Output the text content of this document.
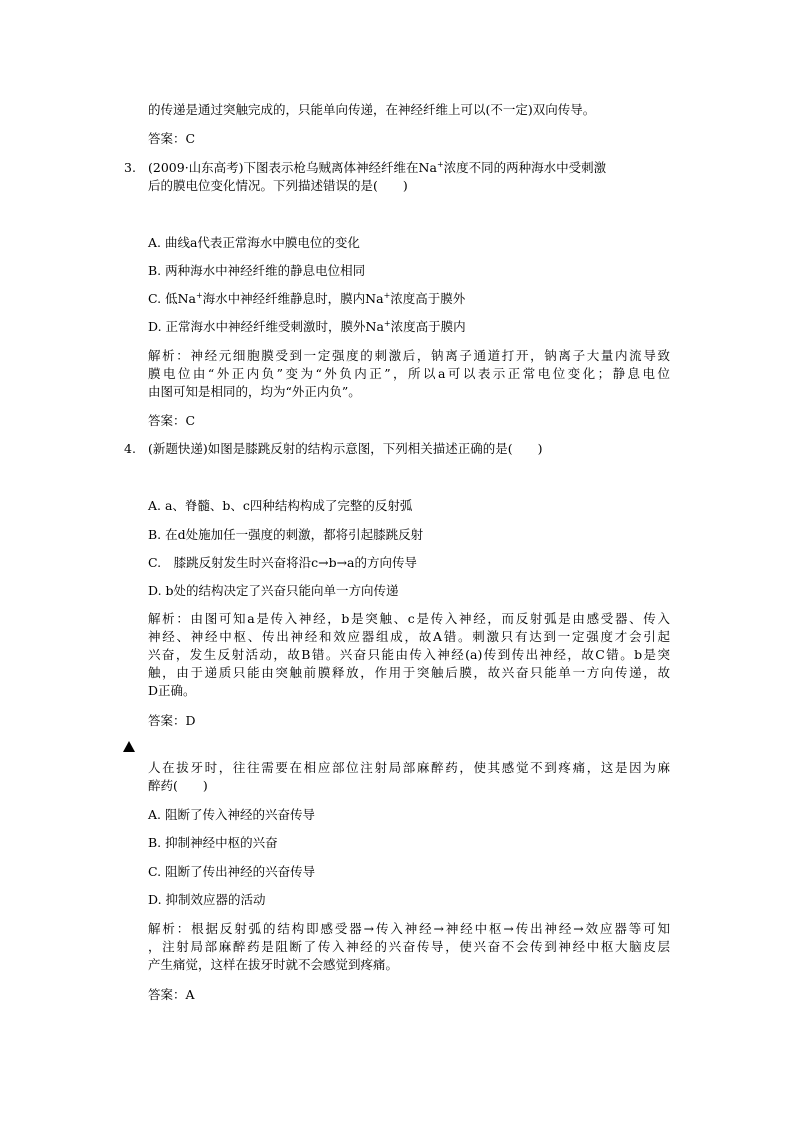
的传递是通过突触完成的，只能单向传递，在神经纤维上可以(不一定)双向传导。
答案：C
3. (2009·山东高考)下图表示枪乌贼离体神经纤维在Na+浓度不同的两种海水中受刺激
后的膜电位变化情况。下列描述错误的是(　　)
A. 曲线a代表正常海水中膜电位的变化
B. 两种海水中神经纤维的静息电位相同
C. 低Na+海水中神经纤维静息时，膜内Na+浓度高于膜外
D. 正常海水中神经纤维受刺激时，膜外Na+浓度高于膜内
解析：神经元细胞膜受到一定强度的刺激后，钠离子通道打开，钠离子大量内流导致
膜电位由“外正内负”变为“外负内正”，所以a可以表示正常电位变化；静息电位
由图可知是相同的，均为“外正内负”。
答案：C
4. (新题快递)如图是膝跳反射的结构示意图，下列相关描述正确的是(　　)
A. a、脊髓、b、c四种结构构成了完整的反射弧
B. 在d处施加任一强度的刺激，都将引起膝跳反射
C.　膝跳反射发生时兴奋将沿c→b→a的方向传导
D. b处的结构决定了兴奋只能向单一方向传递
解析：由图可知a是传入神经，b是突触、c是传入神经，而反射弧是由感受器、传入
神经、神经中枢、传出神经和效应器组成，故A错。刺激只有达到一定强度才会引起
兴奋，发生反射活动，故B错。兴奋只能由传入神经(a)传到传出神经，故C错。b是突
触，由于递质只能由突触前膜释放，作用于突触后膜，故兴奋只能单一方向传递，故
D正确。
答案：D
人在拔牙时，往往需要在相应部位注射局部麻醉药，使其感觉不到疼痛，这是因为麻
醉药(　　)
A. 阻断了传入神经的兴奋传导
B. 抑制神经中枢的兴奋
C. 阻断了传出神经的兴奋传导
D. 抑制效应器的活动
解析：根据反射弧的结构即感受器→传入神经→神经中枢→传出神经→效应器等可知
，注射局部麻醉药是阻断了传入神经的兴奋传导，使兴奋不会传到神经中枢大脑皮层
产生痛觉，这样在拔牙时就不会感觉到疼痛。
答案：A
